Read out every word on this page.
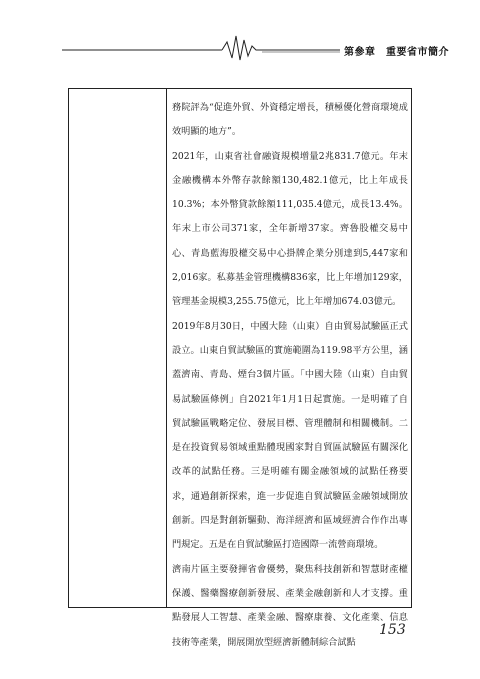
第參章　重要省市簡介

務院評為“促進外貿、外資穩定增長，積極優化營商環境成效明顯的地方”。

2021年，山東省社會融資規模增量2兆831.7億元。年末金融機構本外幣存款餘額130,482.1億元，比上年成長10.3%；本外幣貸款餘額111,035.4億元，成長13.4%。年末上市公司371家，全年新增37家。齊魯股權交易中心、青島藍海股權交易中心掛牌企業分別達到5,447家和2,016家。私募基金管理機構836家，比上年增加129家，管理基金規模3,255.75億元，比上年增加674.03億元。

2019年8月30日，中國大陸（山東）自由貿易試驗區正式設立。山東自貿試驗區的實施範圍為119.98平方公里，涵蓋濟南、青島、煙台3個片區。「中國大陸（山東）自由貿易試驗區條例」自2021年1月1日起實施。一是明確了自貿試驗區戰略定位、發展目標、管理體制和相關機制。二是在投資貿易領域重點體現國家對自貿區試驗區有關深化改革的試點任務。三是明確有關金融領域的試點任務要求，通過創新探索，進一步促進自貿試驗區金融領域開放創新。四是對創新驅動、海洋經濟和區域經濟合作作出專門規定。五是在自貿試驗區打造國際一流營商環境。

濟南片區主要發揮省會優勢，聚焦科技創新和智慧財產權保護、醫藥醫療創新發展、產業金融創新和人才支撐。重點發展人工智慧、產業金融、醫療康養、文化產業、信息技術等產業，開展開放型經濟新體制綜合試點

153
